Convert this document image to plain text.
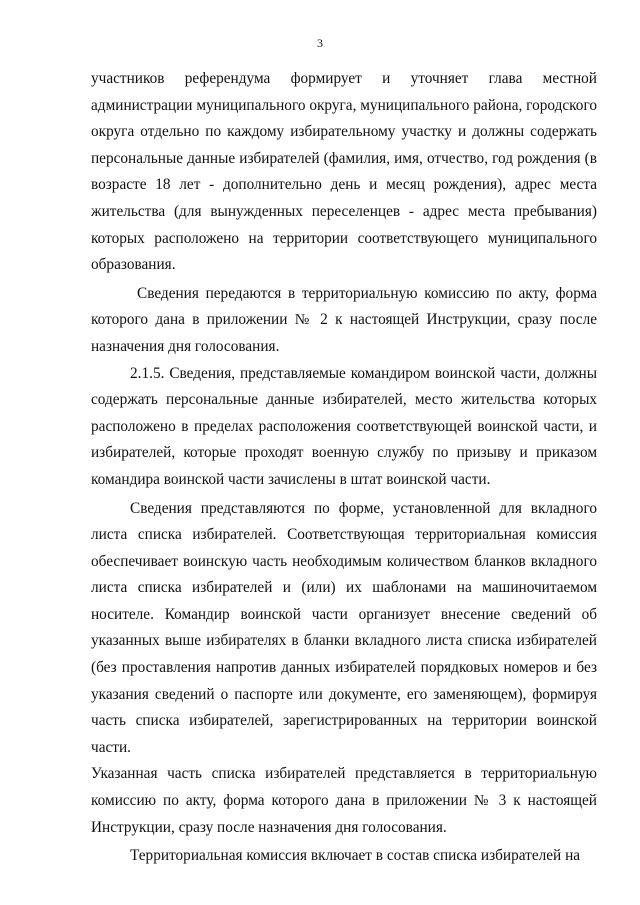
3

участников референдума формирует и уточняет глава местной администрации муниципального округа, муниципального района, городского округа отдельно по каждому избирательному участку и должны содержать персональные данные избирателей (фамилия, имя, отчество, год рождения (в возрасте 18 лет - дополнительно день и месяц рождения), адрес места жительства (для вынужденных переселенцев - адрес места пребывания) которых расположено на территории соответствующего муниципального образования.

Сведения передаются в территориальную комиссию по акту, форма которого дана в приложении № 2 к настоящей Инструкции, сразу после назначения дня голосования.

2.1.5. Сведения, представляемые командиром воинской части, должны содержать персональные данные избирателей, место жительства которых расположено в пределах расположения соответствующей воинской части, и избирателей, которые проходят военную службу по призыву и приказом командира воинской части зачислены в штат воинской части.

Сведения представляются по форме, установленной для вкладного листа списка избирателей. Соответствующая территориальная комиссия обеспечивает воинскую часть необходимым количеством бланков вкладного листа списка избирателей и (или) их шаблонами на машиночитаемом носителе. Командир воинской части организует внесение сведений об указанных выше избирателях в бланки вкладного листа списка избирателей (без проставления напротив данных избирателей порядковых номеров и без указания сведений о паспорте или документе, его заменяющем), формируя часть списка избирателей, зарегистрированных на территории воинской части.

Указанная часть списка избирателей представляется в территориальную комиссию по акту, форма которого дана в приложении № 3 к настоящей Инструкции, сразу после назначения дня голосования.

Территориальная комиссия включает в состав списка избирателей на
